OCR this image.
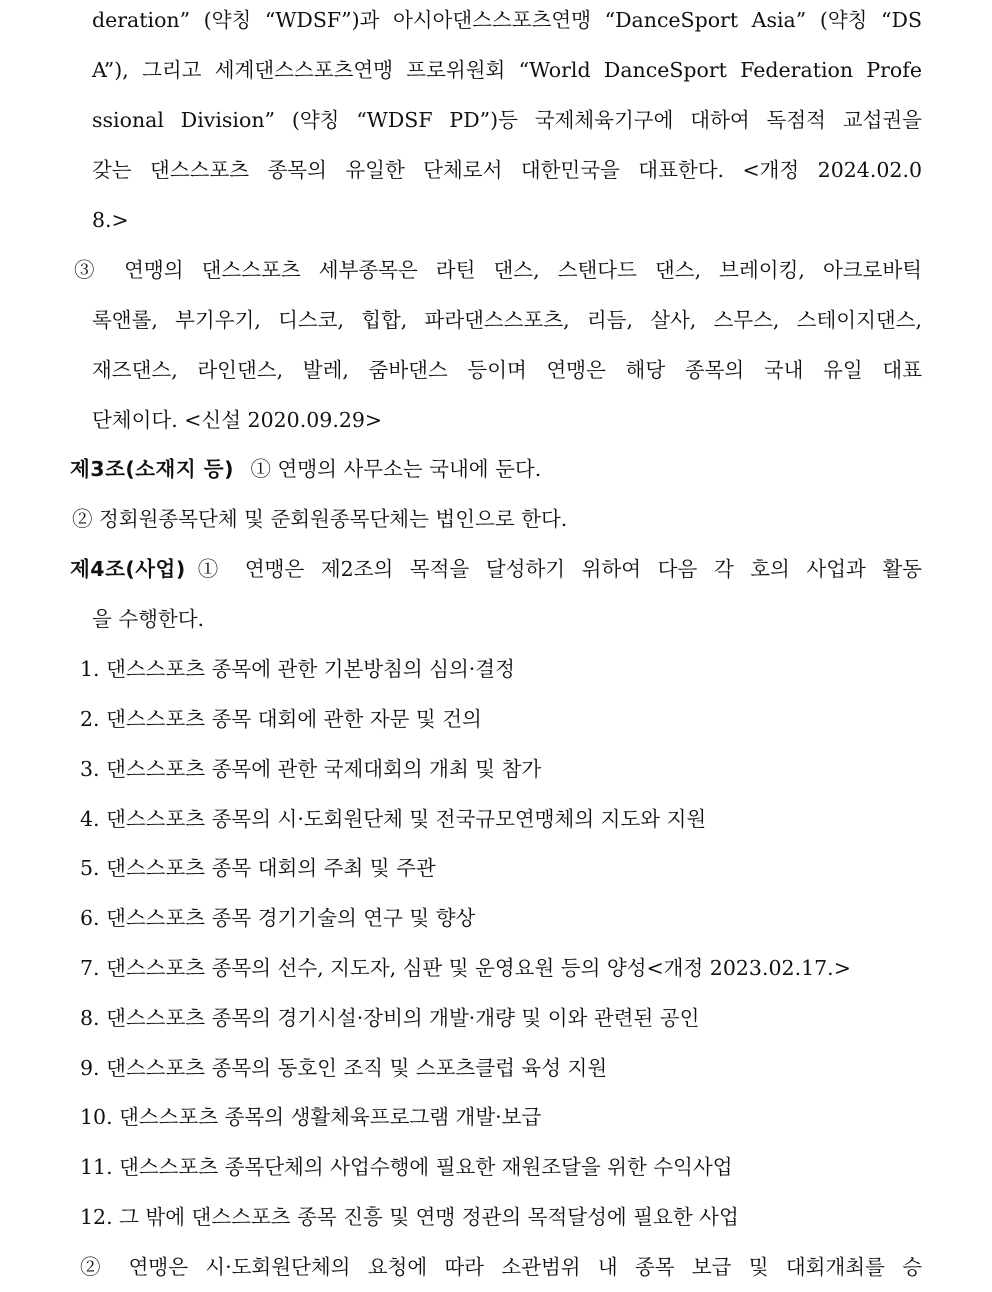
deration” (약칭 “WDSF”)과 아시아댄스스포츠연맹 “DanceSport Asia” (약칭 “DS
A”), 그리고 세계댄스스포츠연맹 프로위원회 “World DanceSport Federation Profe
ssional Division” (약칭 “WDSF PD”)등 국제체육기구에 대하여 독점적 교섭권을
갖는 댄스스포츠 종목의 유일한 단체로서 대한민국을 대표한다. <개정 2024.02.0
8.>
③ 연맹의 댄스스포츠 세부종목은 라틴 댄스, 스탠다드 댄스, 브레이킹, 아크로바틱
록앤롤, 부기우기, 디스코, 힙합, 파라댄스스포츠, 리듬, 살사, 스무스, 스테이지댄스,
재즈댄스, 라인댄스, 발레, 줌바댄스 등이며 연맹은 해당 종목의 국내 유일 대표
단체이다. <신설 2020.09.29>
제3조(소재지 등) ① 연맹의 사무소는 국내에 둔다.
② 정회원종목단체 및 준회원종목단체는 법인으로 한다.
제4조(사업) ① 연맹은 제2조의 목적을 달성하기 위하여 다음 각 호의 사업과 활동
을 수행한다.
1. 댄스스포츠 종목에 관한 기본방침의 심의·결정
2. 댄스스포츠 종목 대회에 관한 자문 및 건의
3. 댄스스포츠 종목에 관한 국제대회의 개최 및 참가
4. 댄스스포츠 종목의 시·도회원단체 및 전국규모연맹체의 지도와 지원
5. 댄스스포츠 종목 대회의 주최 및 주관
6. 댄스스포츠 종목 경기기술의 연구 및 향상
7. 댄스스포츠 종목의 선수, 지도자, 심판 및 운영요원 등의 양성<개정 2023.02.17.>
8. 댄스스포츠 종목의 경기시설·장비의 개발·개량 및 이와 관련된 공인
9. 댄스스포츠 종목의 동호인 조직 및 스포츠클럽 육성 지원
10. 댄스스포츠 종목의 생활체육프로그램 개발·보급
11. 댄스스포츠 종목단체의 사업수행에 필요한 재원조달을 위한 수익사업
12. 그 밖에 댄스스포츠 종목 진흥 및 연맹 정관의 목적달성에 필요한 사업
② 연맹은 시·도회원단체의 요청에 따라 소관범위 내 종목 보급 및 대회개최를 승
